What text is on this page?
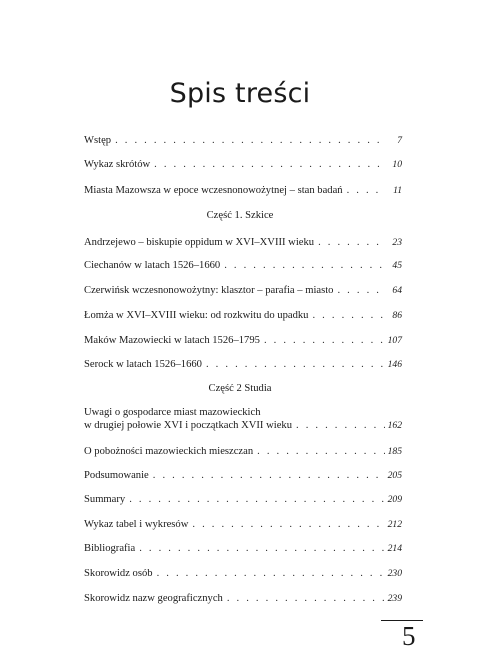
Spis treści
Wstęp . . .	7
Wykaz skrótów . . .	10
Miasta Mazowsza w epoce wczesnonowożytnej – stan badań . . .	11
Część 1. Szkice
Andrzejewo – biskupie oppidum w XVI–XVIII wieku . . .	23
Ciechanów w latach 1526–1660 . . .	45
Czerwińsk wczesnonowożytny: klasztor – parafia – miasto . . .	64
Łomża w XVI–XVIII wieku: od rozkwitu do upadku . . .	86
Maków Mazowiecki w latach 1526–1795 . . .	107
Serock w latach 1526–1660 . . .	146
Część 2 Studia
Uwagi o gospodarce miast mazowieckich
w drugiej połowie XVI i początkach XVII wieku . . .	162
O pobożności mazowieckich mieszczan . . .	185
Podsumowanie . . .	205
Summary . . .	209
Wykaz tabel i wykresów . . .	212
Bibliografia . . .	214
Skorowidz osób . . .	230
Skorowidz nazw geograficznych . . .	239
5
